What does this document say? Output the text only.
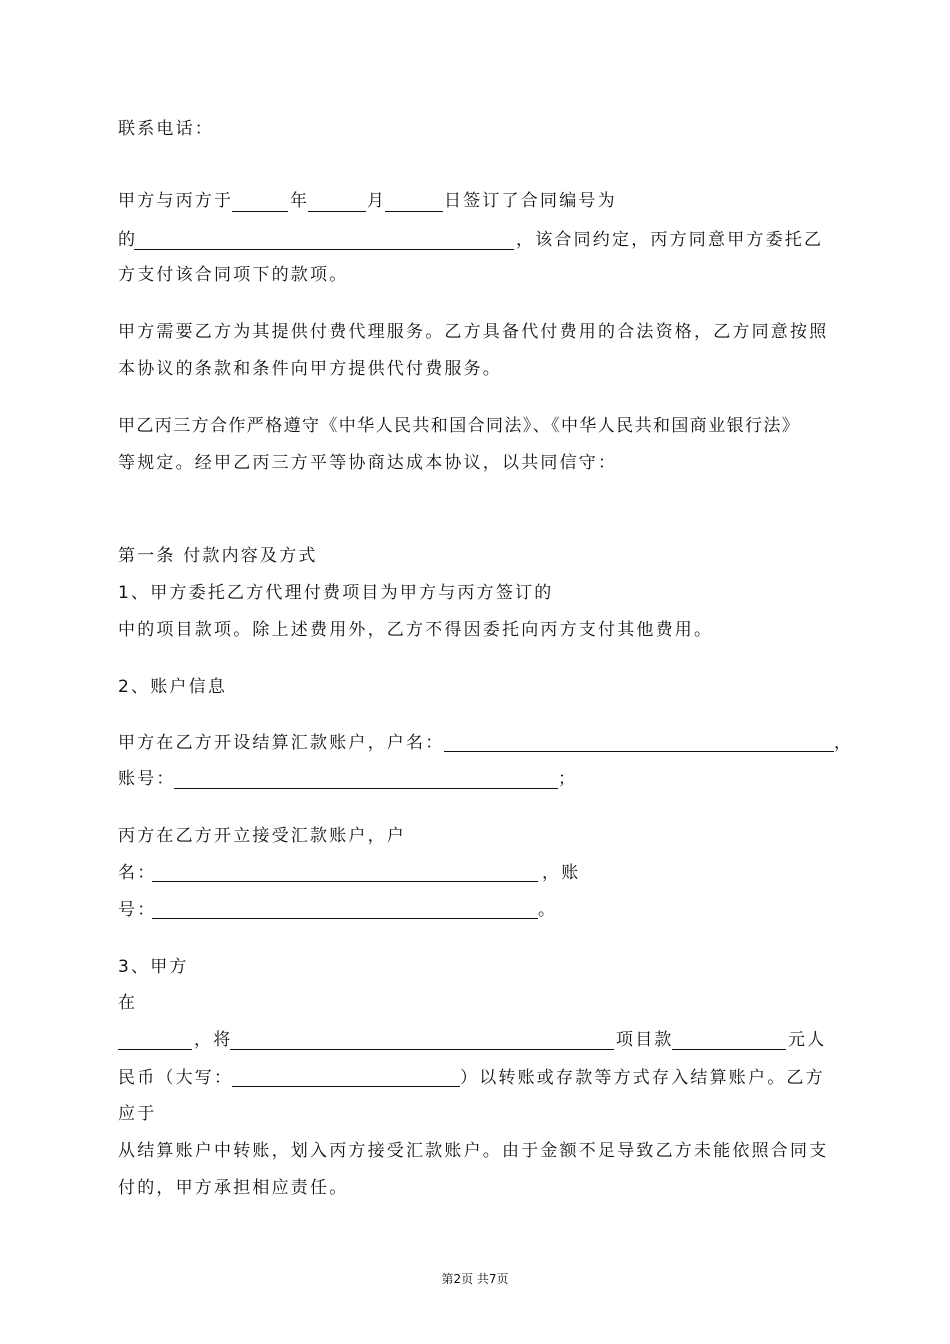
联系电话：
甲方与丙方于	年	月	日签订了合同编号为
的	，该合同约定，丙方同意甲方委托乙
方支付该合同项下的款项。
甲方需要乙方为其提供付费代理服务。乙方具备代付费用的合法资格，乙方同意按照
本协议的条款和条件向甲方提供代付费服务。
甲乙丙三方合作严格遵守《中华人民共和国合同法》、《中华人民共和国商业银行法》
等规定。经甲乙丙三方平等协商达成本协议，以共同信守：
第一条 付款内容及方式
1、甲方委托乙方代理付费项目为甲方与丙方签订的
中的项目款项。除上述费用外，乙方不得因委托向丙方支付其他费用。
2、账户信息
甲方在乙方开设结算汇款账户，户名：	，
账号：	；
丙方在乙方开立接受汇款账户，户
名：	，账
号：	。
3、甲方
在
，将	项目款	元人
民币（大写：	）以转账或存款等方式存入结算账户。乙方
应于
从结算账户中转账，划入丙方接受汇款账户。由于金额不足导致乙方未能依照合同支
付的，甲方承担相应责任。
第2页 共7页
